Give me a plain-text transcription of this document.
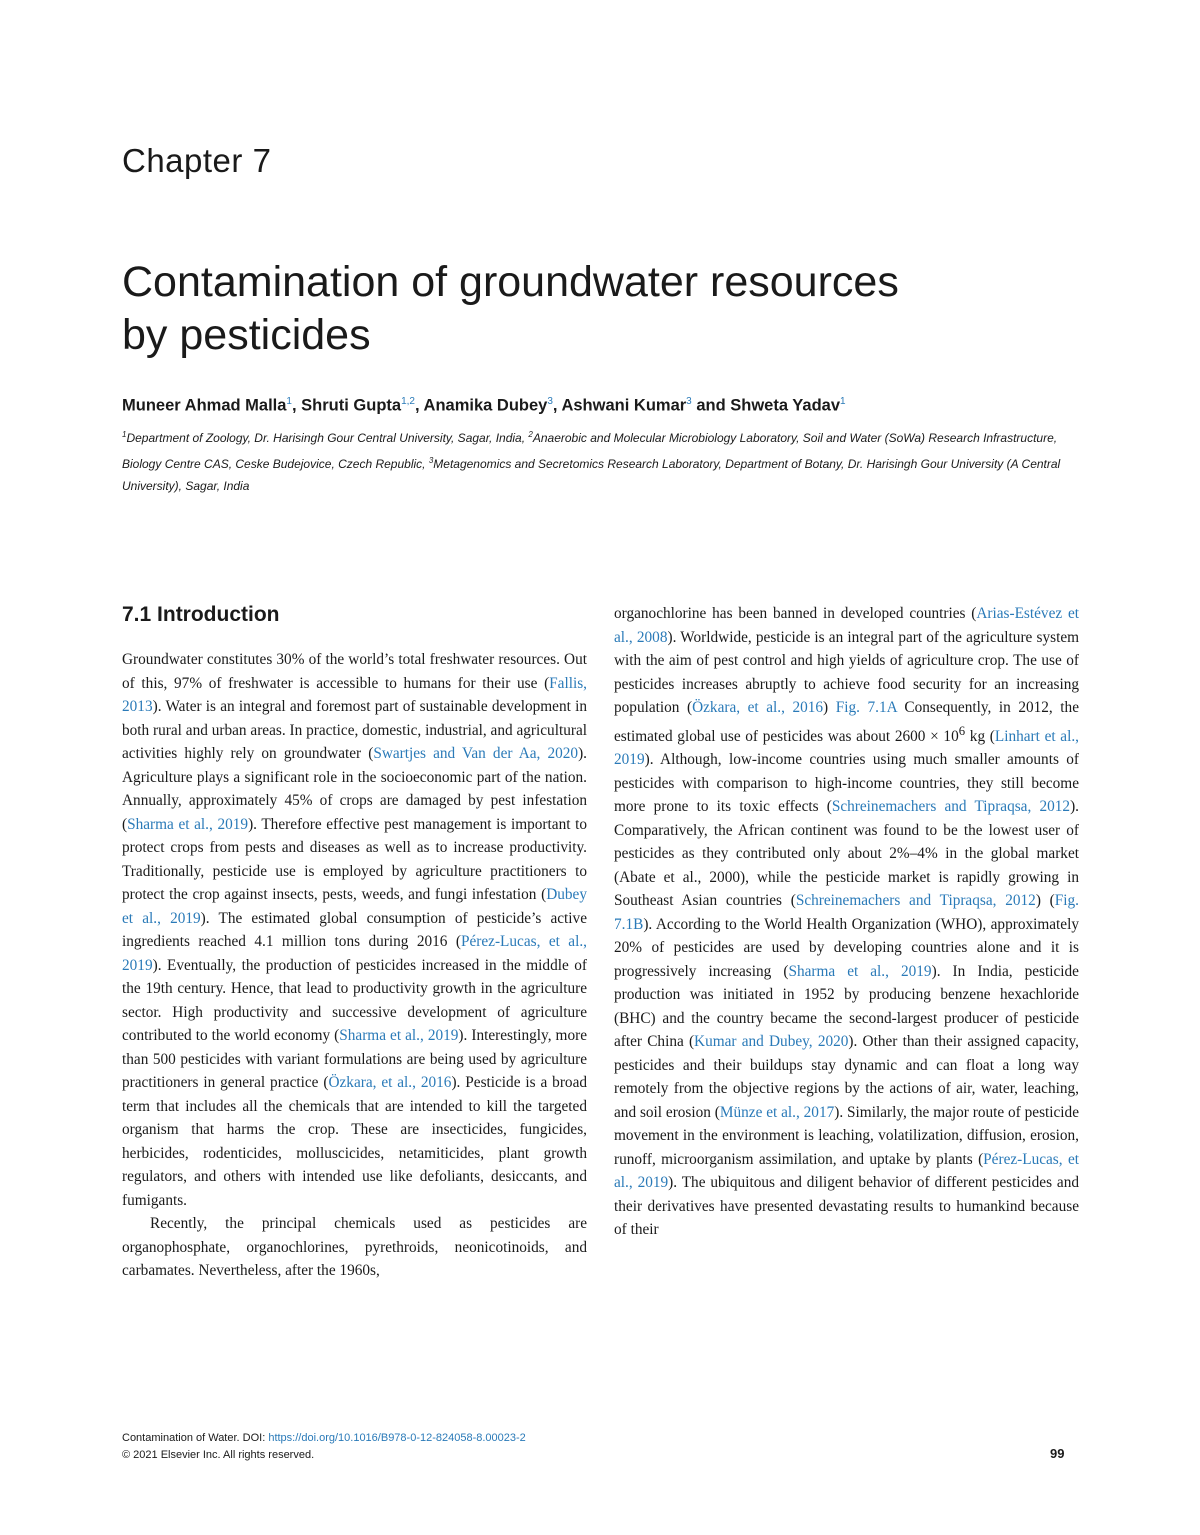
Chapter 7
Contamination of groundwater resources
by pesticides
Muneer Ahmad Malla$^1$, Shruti Gupta$^{1,2}$, Anamika Dubey$^3$, Ashwani Kumar$^3$ and Shweta Yadav$^1$
$^1$Department of Zoology, Dr. Harisingh Gour Central University, Sagar, India, $^2$Anaerobic and Molecular Microbiology Laboratory, Soil and Water (SoWa) Research Infrastructure, Biology Centre CAS, Ceske Budejovice, Czech Republic, $^3$Metagenomics and Secretomics Research Laboratory, Department of Botany, Dr. Harisingh Gour University (A Central University), Sagar, India
7.1 Introduction

Groundwater constitutes 30% of the world’s total freshwater resources. Out of this, 97% of freshwater is accessible to humans for their use (Fallis, 2013). Water is an integral and foremost part of sustainable development in both rural and urban areas. In practice, domestic, industrial, and agricultural activities highly rely on groundwater (Swartjes and Van der Aa, 2020). Agriculture plays a significant role in the socioeconomic part of the nation. Annually, approximately 45% of crops are damaged by pest infestation (Sharma et al., 2019). Therefore effective pest management is important to protect crops from pests and diseases as well as to increase productivity. Traditionally, pesticide use is employed by agriculture practitioners to protect the crop against insects, pests, weeds, and fungi infestation (Dubey et al., 2019). The estimated global consumption of pesticide’s active ingredients reached 4.1 million tons during 2016 (Pérez-Lucas, et al., 2019). Eventually, the production of pesticides increased in the middle of the 19th century. Hence, that lead to productivity growth in the agriculture sector. High productivity and successive development of agriculture contributed to the world economy (Sharma et al., 2019). Interestingly, more than 500 pesticides with variant formulations are being used by agriculture practitioners in general practice (Özkara, et al., 2016). Pesticide is a broad term that includes all the chemicals that are intended to kill the targeted organism that harms the crop. These are insecticides, fungicides, herbicides, rodenticides, molluscicides, netamiticides, plant growth regulators, and others with intended use like defoliants, desiccants, and fumigants.

Recently, the principal chemicals used as pesticides are organophosphate, organochlorines, pyrethroids, neonicotinoids, and carbamates. Nevertheless, after the 1960s,

organochlorine has been banned in developed countries (Arias-Estévez et al., 2008). Worldwide, pesticide is an integral part of the agriculture system with the aim of pest control and high yields of agriculture crop. The use of pesticides increases abruptly to achieve food security for an increasing population (Özkara, et al., 2016) Fig. 7.1A Consequently, in 2012, the estimated global use of pesticides was about $2600 \times 10^6$ kg (Linhart et al., 2019). Although, low-income countries using much smaller amounts of pesticides with comparison to high-income countries, they still become more prone to its toxic effects (Schreinemachers and Tipraqsa, 2012). Comparatively, the African continent was found to be the lowest user of pesticides as they contributed only about 2%–4% in the global market (Abate et al., 2000), while the pesticide market is rapidly growing in Southeast Asian countries (Schreinemachers and Tipraqsa, 2012) (Fig. 7.1B). According to the World Health Organization (WHO), approximately 20% of pesticides are used by developing countries alone and it is progressively increasing (Sharma et al., 2019). In India, pesticide production was initiated in 1952 by producing benzene hexachloride (BHC) and the country became the second-largest producer of pesticide after China (Kumar and Dubey, 2020). Other than their assigned capacity, pesticides and their buildups stay dynamic and can float a long way remotely from the objective regions by the actions of air, water, leaching, and soil erosion (Münze et al., 2017). Similarly, the major route of pesticide movement in the environment is leaching, volatilization, diffusion, erosion, runoff, microorganism assimilation, and uptake by plants (Pérez-Lucas, et al., 2019). The ubiquitous and diligent behavior of different pesticides and their derivatives have presented devastating results to humankind because of their

Contamination of Water. DOI: https://doi.org/10.1016/B978-0-12-824058-8.00023-2
© 2021 Elsevier Inc. All rights reserved.	99
